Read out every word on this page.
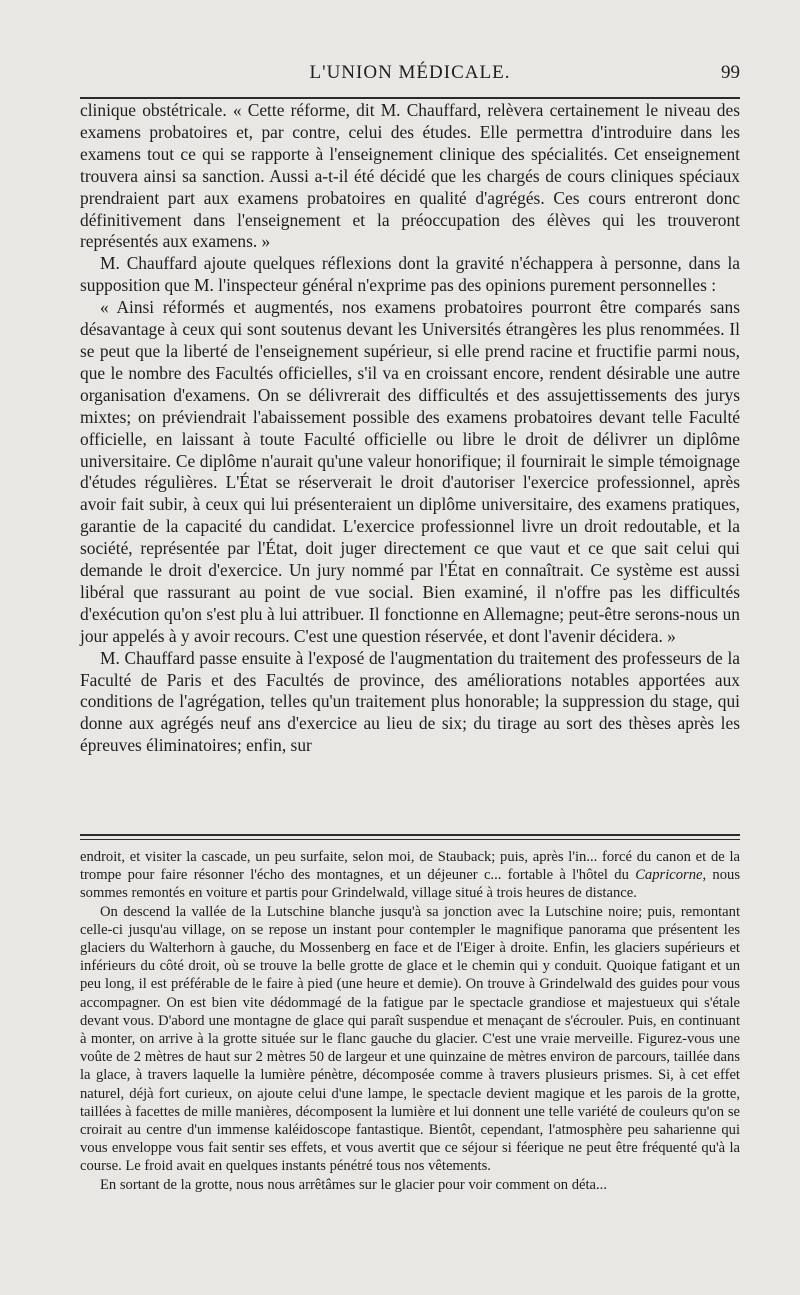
L'UNION MÉDICALE.	99

clinique obstétricale. « Cette réforme, dit M. Chauffard, relèvera certainement le niveau des examens probatoires et, par contre, celui des études. Elle permettra d'introduire dans les examens tout ce qui se rapporte à l'enseignement clinique des spécialités. Cet enseignement trouvera ainsi sa sanction. Aussi a-t-il été décidé que les chargés de cours cliniques spéciaux prendraient part aux examens probatoires en qualité d'agrégés. Ces cours entreront donc définitivement dans l'enseignement et la préoccupation des élèves qui les trouveront représentés aux examens. »

M. Chauffard ajoute quelques réflexions dont la gravité n'échappera à personne, dans la supposition que M. l'inspecteur général n'exprime pas des opinions purement personnelles :

« Ainsi réformés et augmentés, nos examens probatoires pourront être comparés sans désavantage à ceux qui sont soutenus devant les Universités étrangères les plus renommées. Il se peut que la liberté de l'enseignement supérieur, si elle prend racine et fructifie parmi nous, que le nombre des Facultés officielles, s'il va en croissant encore, rendent désirable une autre organisation d'examens. On se délivrerait des difficultés et des assujettissements des jurys mixtes; on préviendrait l'abaissement possible des examens probatoires devant telle Faculté officielle, en laissant à toute Faculté officielle ou libre le droit de délivrer un diplôme universitaire. Ce diplôme n'aurait qu'une valeur honorifique; il fournirait le simple témoignage d'études régulières. L'État se réserverait le droit d'autoriser l'exercice professionnel, après avoir fait subir, à ceux qui lui présenteraient un diplôme universitaire, des examens pratiques, garantie de la capacité du candidat. L'exercice professionnel livre un droit redoutable, et la société, représentée par l'État, doit juger directement ce que vaut et ce que sait celui qui demande le droit d'exercice. Un jury nommé par l'État en connaîtrait. Ce système est aussi libéral que rassurant au point de vue social. Bien examiné, il n'offre pas les difficultés d'exécution qu'on s'est plu à lui attribuer. Il fonctionne en Allemagne; peut-être serons-nous un jour appelés à y avoir recours. C'est une question réservée, et dont l'avenir décidera. »

M. Chauffard passe ensuite à l'exposé de l'augmentation du traitement des professeurs de la Faculté de Paris et des Facultés de province, des améliorations notables apportées aux conditions de l'agrégation, telles qu'un traitement plus honorable; la suppression du stage, qui donne aux agrégés neuf ans d'exercice au lieu de six; du tirage au sort des thèses après les épreuves éliminatoires; enfin, sur

endroit, et visiter la cascade, un peu surfaite, selon moi, de Stauback; puis, après l'in... forcé du canon et de la trompe pour faire résonner l'écho des montagnes, et un déjeuner c... fortable à l'hôtel du Capricorne, nous sommes remontés en voiture et partis pour Grindelwald, village situé à trois heures de distance.

On descend la vallée de la Lutschine blanche jusqu'à sa jonction avec la Lutschine noire; puis, remontant celle-ci jusqu'au village, on se repose un instant pour contempler le magnifique panorama que présentent les glaciers du Walterhorn à gauche, du Mossenberg en face et de l'Eiger à droite. Enfin, les glaciers supérieurs et inférieurs du côté droit, où se trouve la belle grotte de glace et le chemin qui y conduit. Quoique fatigant et un peu long, il est préférable de le faire à pied (une heure et demie). On trouve à Grindelwald des guides pour vous accompagner. On est bien vite dédommagé de la fatigue par le spectacle grandiose et majestueux qui s'étale devant vous. D'abord une montagne de glace qui paraît suspendue et menaçant de s'écrouler. Puis, en continuant à monter, on arrive à la grotte située sur le flanc gauche du glacier. C'est une vraie merveille. Figurez-vous une voûte de 2 mètres de haut sur 2 mètres 50 de largeur et une quinzaine de mètres environ de parcours, taillée dans la glace, à travers laquelle la lumière pénètre, décomposée comme à travers plusieurs prismes. Si, à cet effet naturel, déjà fort curieux, on ajoute celui d'une lampe, le spectacle devient magique et les parois de la grotte, taillées à facettes de mille manières, décomposent la lumière et lui donnent une telle variété de couleurs qu'on se croirait au centre d'un immense kaléidoscope fantastique. Bientôt, cependant, l'atmosphère peu saharienne qui vous enveloppe vous fait sentir ses effets, et vous avertit que ce séjour si féerique ne peut être fréquenté qu'à la course. Le froid avait en quelques instants pénétré tous nos vêtements.

En sortant de la grotte, nous nous arrêtâmes sur le glacier pour voir comment on déta...
